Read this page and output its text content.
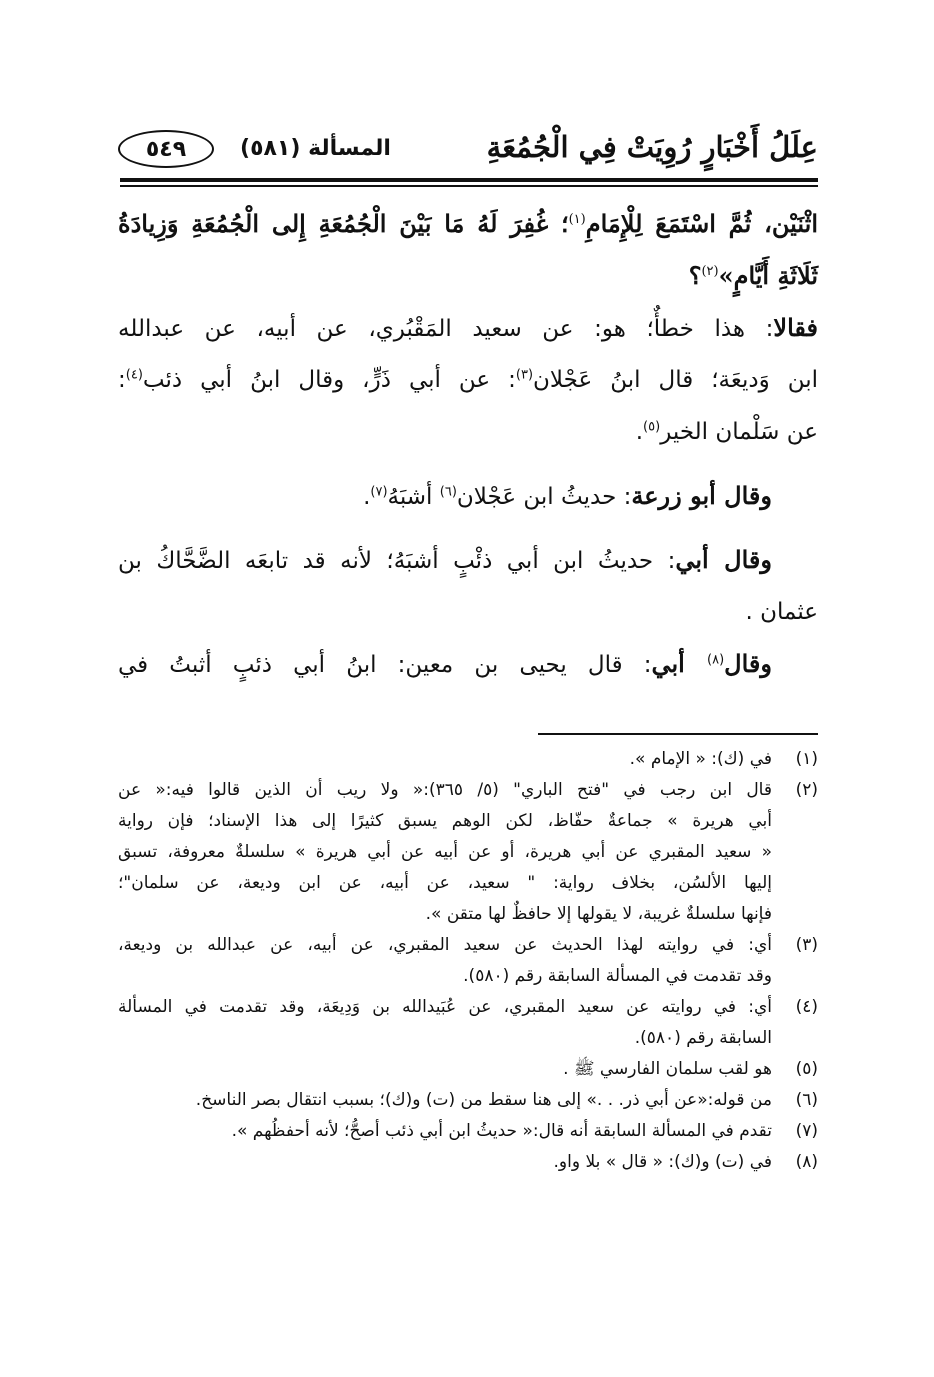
عِلَلُ أَخْبَارٍ رُوِيَتْ فِي الْجُمُعَةِ
المسألة (٥٨١)
٥٤٩
اثْنَيْن، ثُمَّ اسْتَمَعَ لِلْإِمَامِ$^{(١)}$؛ غُفِرَ لَهُ مَا بَيْنَ الْجُمُعَةِ إِلى الْجُمُعَةِ وَزِيادَةُ
ثَلَاثَةِ أَيَّامٍ»$^{(٢)}$؟
فقالا: هذا خطأٌ؛ هو: عن سعيد المَقْبُري، عن أبيه، عن عبدالله
ابن وَديعَة؛ قال ابنُ عَجْلان$^{(٣)}$: عن أبي ذَرٍّ، وقال ابنُ أبي ذئب$^{(٤)}$:
عن سَلْمان الخير$^{(٥)}$.
وقال أبو زرعة: حديثُ ابن عَجْلان$^{(٦)}$ أشبَهُ$^{(٧)}$.
وقال أبي: حديثُ ابن أبي ذئْبٍ أشبَهُ؛ لأنه قد تابعَه الضَّحَّاكُ بن
عثمان .
وقال$^{(٨)}$ أبي: قال يحيى بن معين: ابنُ أبي ذئبٍ أثبتُ في
(١)
في (ك): « الإمام ».
(٢)
قال ابن رجب في "فتح الباري" (٥/ ٣٦٥):« ولا ريب أن الذين قالوا فيه:« عن
أبي هريرة » جماعةٌ حفّاظ، لكن الوهم يسبق كثيرًا إلى هذا الإسناد؛ فإن رواية
« سعيد المقبري عن أبي هريرة، أو عن أبيه عن أبي هريرة » سلسلةٌ معروفة، تسبق
إليها الألسُن، بخلاف رواية: " سعيد، عن أبيه، عن ابن وديعة، عن سلمان"؛
فإنها سلسلةٌ غريبة، لا يقولها إلا حافظٌ لها متقن ».
(٣)
أي: في روايته لهذا الحديث عن سعيد المقبري، عن أبيه، عن عبدالله بن وديعة،
وقد تقدمت في المسألة السابقة رقم (٥٨٠).
(٤)
أي: في روايته عن سعيد المقبري، عن عُبَيدالله بن وَدِيعَة، وقد تقدمت في المسألة
السابقة رقم (٥٨٠).
(٥)
هو لقب سلمان الفارسي ﷺ .
(٦)
من قوله:«عن أبي ذر. . .» إلى هنا سقط من (ت) و(ك)؛ بسبب انتقال بصر الناسخ.
(٧)
تقدم في المسألة السابقة أنه قال:« حديثُ ابن أبي ذئب أصحُّ؛ لأنه أحفظُهم ».
(٨)
في (ت) و(ك): « قال » بلا واو.
